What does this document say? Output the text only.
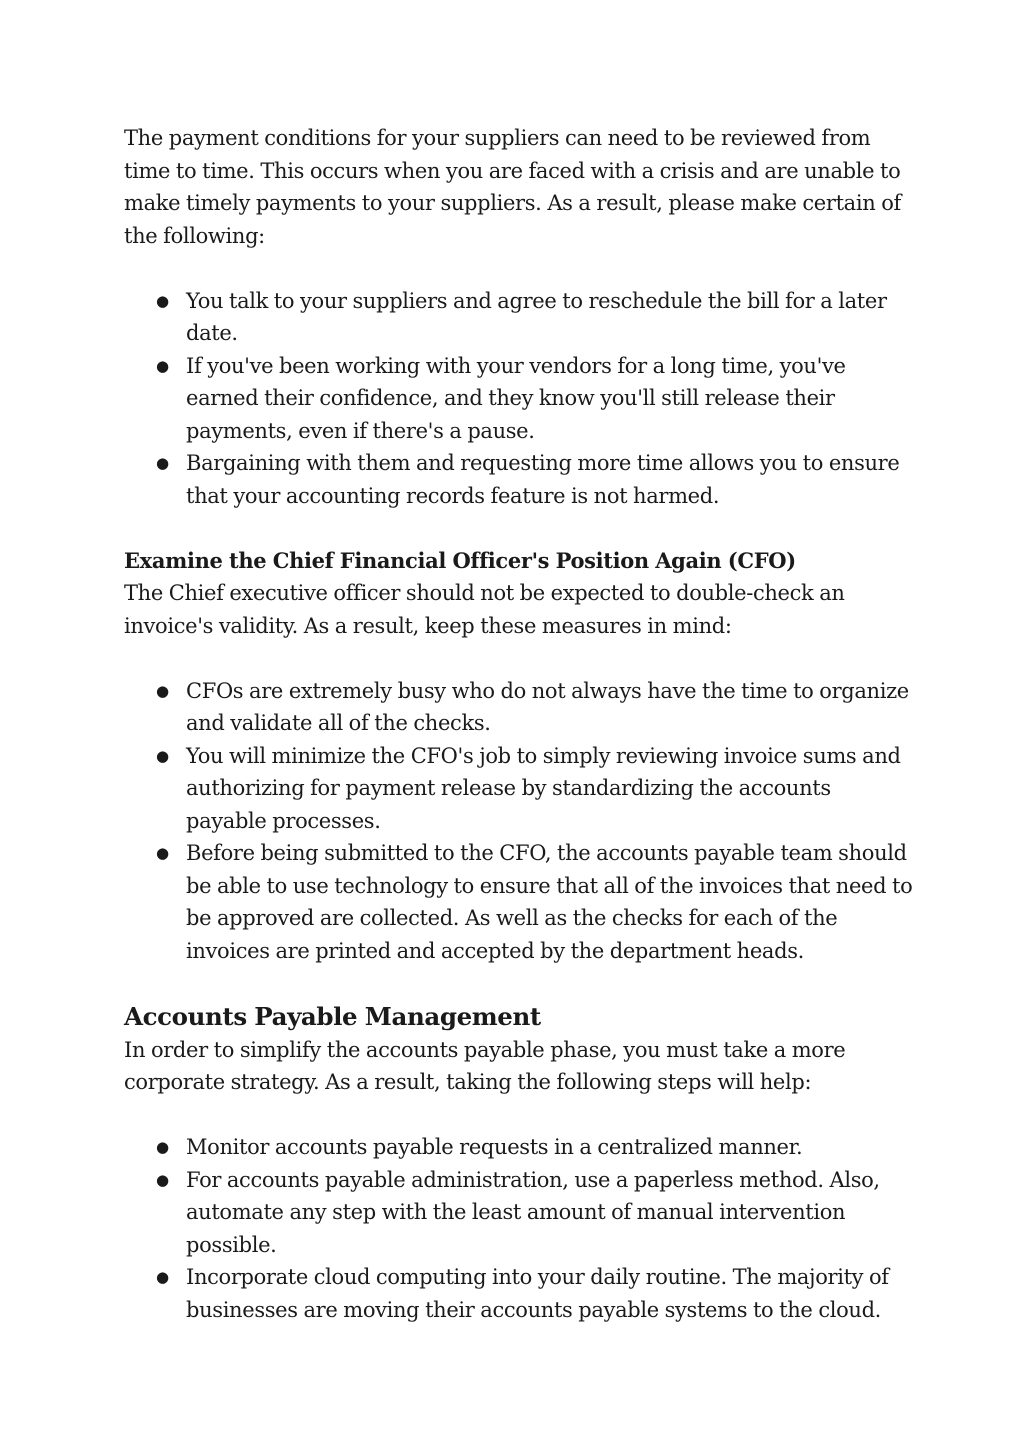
The payment conditions for your suppliers can need to be reviewed from time to time. This occurs when you are faced with a crisis and are unable to make timely payments to your suppliers. As a result, please make certain of the following:

● You talk to your suppliers and agree to reschedule the bill for a later date.
● If you've been working with your vendors for a long time, you've earned their confidence, and they know you'll still release their payments, even if there's a pause.
● Bargaining with them and requesting more time allows you to ensure that your accounting records feature is not harmed.
Examine the Chief Financial Officer's Position Again (CFO)

The Chief executive officer should not be expected to double-check an invoice's validity. As a result, keep these measures in mind:

● CFOs are extremely busy who do not always have the time to organize and validate all of the checks.
● You will minimize the CFO's job to simply reviewing invoice sums and authorizing for payment release by standardizing the accounts payable processes.
● Before being submitted to the CFO, the accounts payable team should be able to use technology to ensure that all of the invoices that need to be approved are collected. As well as the checks for each of the invoices are printed and accepted by the department heads.
Accounts Payable Management

In order to simplify the accounts payable phase, you must take a more corporate strategy. As a result, taking the following steps will help:

● Monitor accounts payable requests in a centralized manner.
● For accounts payable administration, use a paperless method. Also, automate any step with the least amount of manual intervention possible.
● Incorporate cloud computing into your daily routine. The majority of businesses are moving their accounts payable systems to the cloud.
